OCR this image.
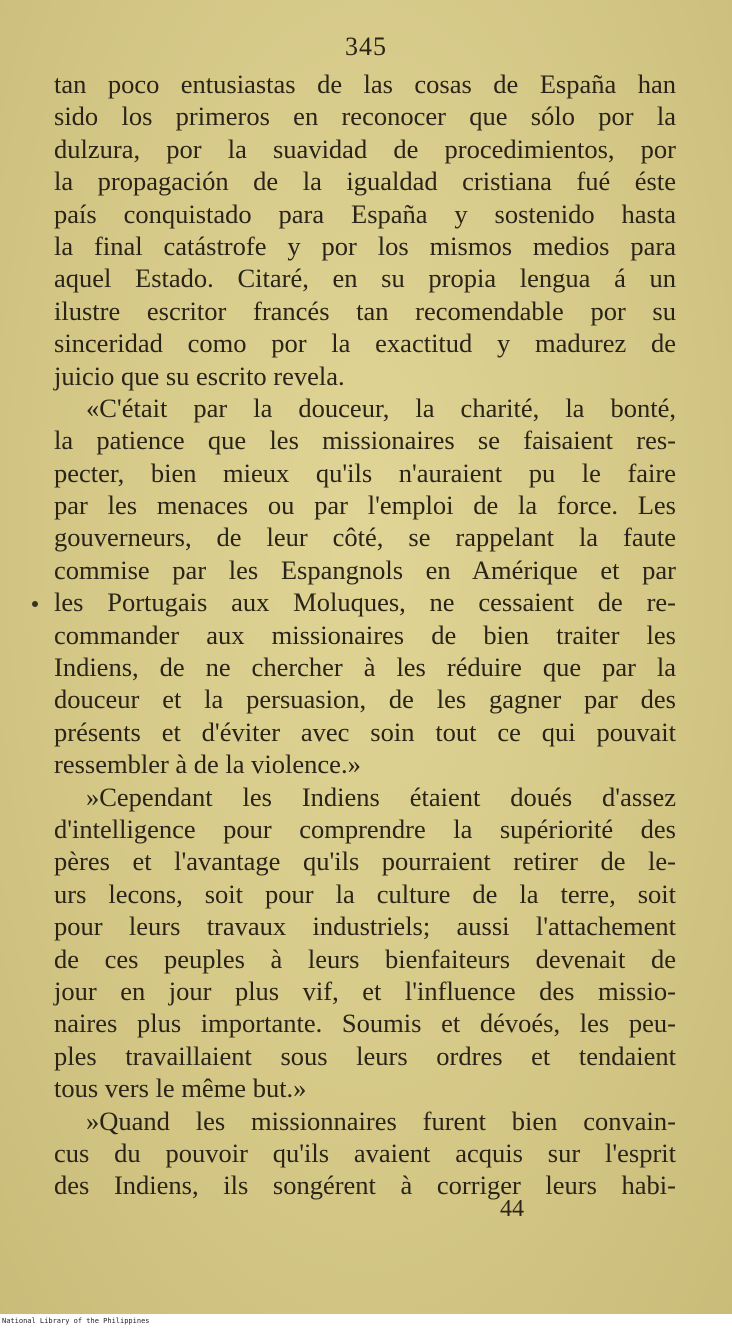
345
tan poco entusiastas de las cosas de España han
sido los primeros en reconocer que sólo por la
dulzura, por la suavidad de procedimientos, por
la propagación de la igualdad cristiana fué éste
país conquistado para España y sostenido hasta
la final catástrofe y por los mismos medios para
aquel Estado. Citaré, en su propia lengua á un
ilustre escritor francés tan recomendable por su
sinceridad como por la exactitud y madurez de
juicio que su escrito revela.
«C'était par la douceur, la charité, la bonté,
la patience que les missionaires se faisaient res-
pecter, bien mieux qu'ils n'auraient pu le faire
par les menaces ou par l'emploi de la force. Les
gouverneurs, de leur côté, se rappelant la faute
commise par les Espangnols en Amérique et par
les Portugais aux Moluques, ne cessaient de re-
commander aux missionaires de bien traiter les
Indiens, de ne chercher à les réduire que par la
douceur et la persuasion, de les gagner par des
présents et d'éviter avec soin tout ce qui pouvait
ressembler à de la violence.»
»Cependant les Indiens étaient doués d'assez
d'intelligence pour comprendre la supériorité des
pères et l'avantage qu'ils pourraient retirer de le-
urs lecons, soit pour la culture de la terre, soit
pour leurs travaux industriels; aussi l'attachement
de ces peuples à leurs bienfaiteurs devenait de
jour en jour plus vif, et l'influence des missio-
naires plus importante. Soumis et dévoés, les peu-
ples travaillaient sous leurs ordres et tendaient
tous vers le même but.»
»Quand les missionnaires furent bien convain-
cus du pouvoir qu'ils avaient acquis sur l'esprit
des Indiens, ils songérent à corriger leurs habi-
44
National Library of the Philippines
